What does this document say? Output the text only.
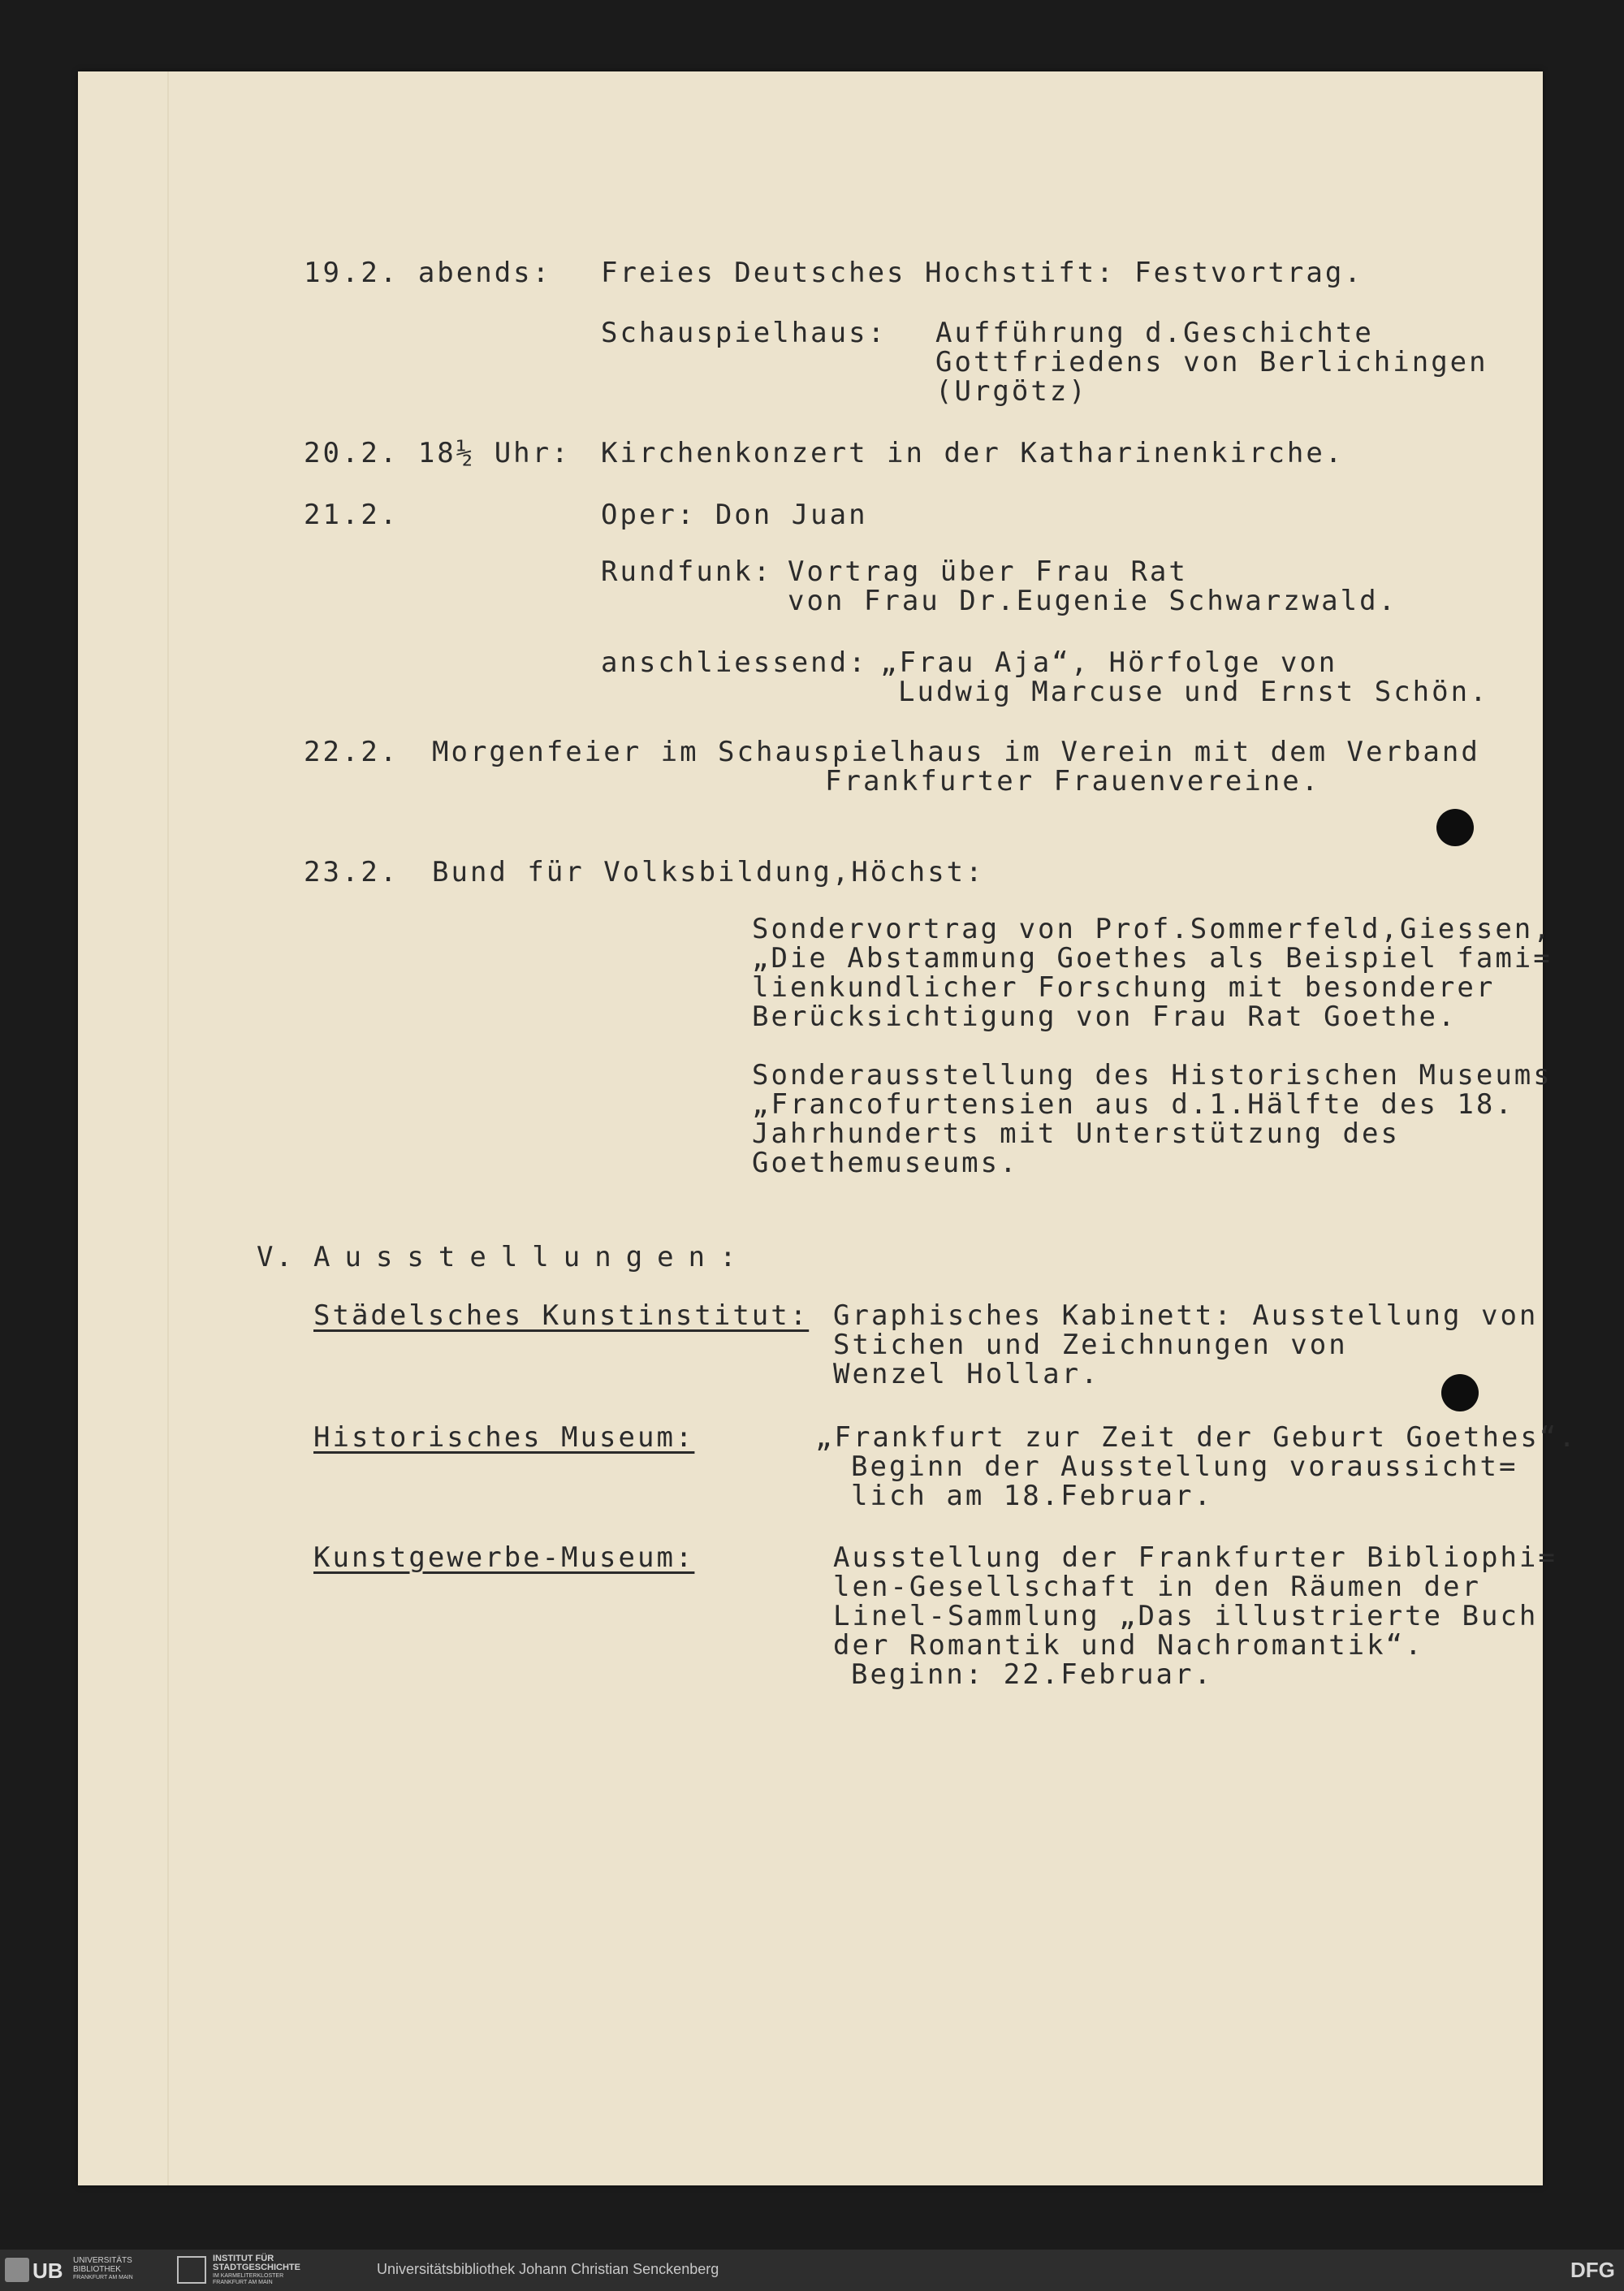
19.2. abends: Freies Deutsches Hochstift: Festvortrag.
Schauspielhaus: Aufführung d.Geschichte
Gottfriedens von Berlichingen
(Urgötz)
20.2. 18½ Uhr: Kirchenkonzert in der Katharinenkirche.
21.2.	Oper: Don Juan
Rundfunk: Vortrag über Frau Rat
von Frau Dr.Eugenie Schwarzwald.
anschliessend: „Frau Aja“, Hörfolge von
Ludwig Marcuse und Ernst Schön.
22.2. Morgenfeier im Schauspielhaus im Verein mit dem Verband
Frankfurter Frauenvereine.
23.2. Bund für Volksbildung,Höchst:
Sondervortrag von Prof.Sommerfeld,Giessen,
„Die Abstammung Goethes als Beispiel fami=
lienkundlicher Forschung mit besonderer
Berücksichtigung von Frau Rat Goethe.
Sonderausstellung des Historischen Museums
„Francofurtensien aus d.1.Hälfte des 18.
Jahrhunderts mit Unterstützung des
Goethemuseums.
V. Ausstellungen:
Städelsches Kunstinstitut: Graphisches Kabinett: Ausstellung von
Stichen und Zeichnungen von
Wenzel Hollar.
Historisches Museum:	„Frankfurt zur Zeit der Geburt Goethes“.
Beginn der Ausstellung voraussicht=
lich am 18.Februar.
Kunstgewerbe-Museum:	Ausstellung der Frankfurter Bibliophi=
len-Gesellschaft in den Räumen der
Linel-Sammlung „Das illustrierte Buch
der Romantik und Nachromantik“.
Beginn: 22.Februar.
UB UNIVERSITÄTS
BIBLIOTHEK
FRANKFURT AM MAIN
INSTITUT FÜR
STADTGESCHICHTE
IM KARMELITERKLOSTER
FRANKFURT AM MAIN
Universitätsbibliothek Johann Christian Senckenberg	DFG
